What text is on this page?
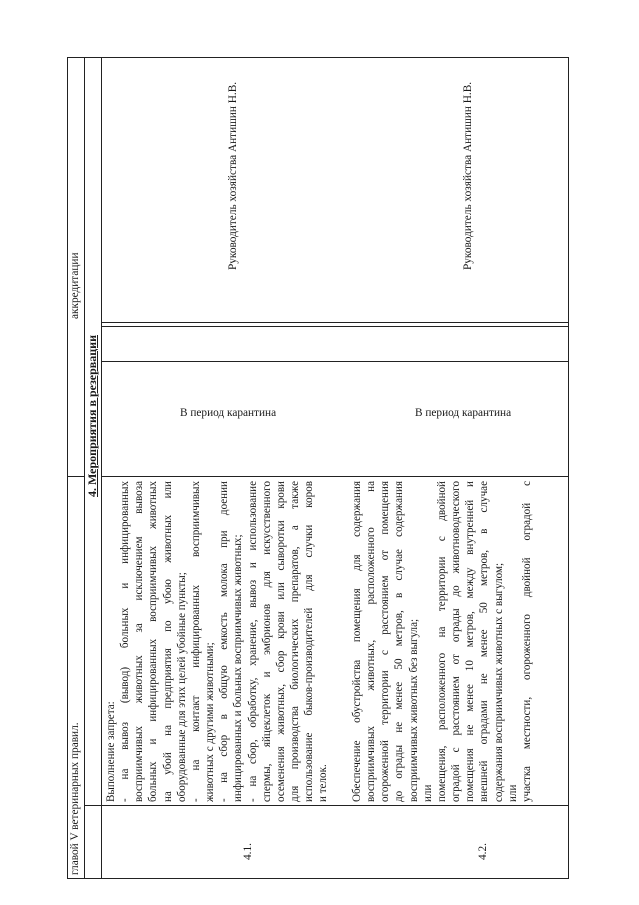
главой V ветеринарных правил.
аккредитации
4. Мероприятия в резервации
4.1.

Выполнение запрета: - на вывоз (вывод) больных и инфицированных восприимчивых животных за исключением вывоза больных и инфицированных восприимчивых животных на убой на предприятия по убою животных или оборудованные для этих целей убойные пункты; - на контакт инфицированных восприимчивых животных с другими животными; - на сбор в общую емкость молока при доении инфицированных и больных восприимчивых животных; - на сбор, обработку, хранение, вывоз и использование спермы, яйцеклеток и эмбрионов для искусственного осеменения животных, сбор крови или сыворотки крови для производства биологических препаратов, а также использование быков-производителей для случки коров и телок.

В период карантина
Руководитель хозяйства Антишин Н.В.
4.2.

Обеспечение обустройства помещения для содержания восприимчивых животных, расположенного на огороженной территории с расстоянием от помещения до ограды не менее 50 метров, в случае содержания восприимчивых животных без выгула; или помещения, расположенного на территории с двойной оградой с расстоянием от ограды до животноводческого помещения не менее 10 метров, между внутренней и внешней оградами не менее 50 метров, в случае содержания восприимчивых животных с выгулом; или участка местности, огороженного двойной оградой с

В период карантина
Руководитель хозяйства Антишин Н.В.
